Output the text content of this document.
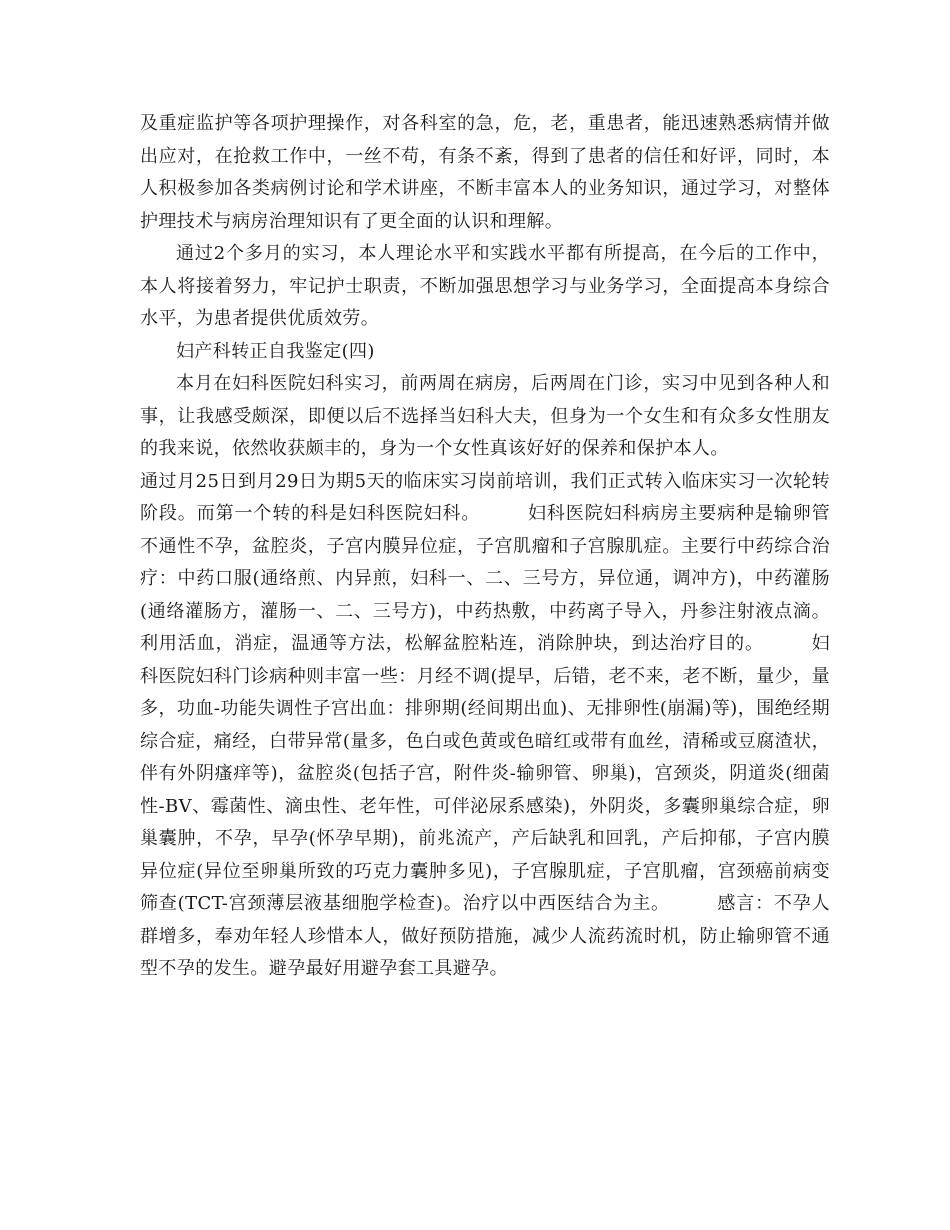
及重症监护等各项护理操作，对各科室的急，危，老，重患者，能迅速熟悉病情并做出应对，在抢救工作中，一丝不苟，有条不紊，得到了患者的信任和好评，同时，本人积极参加各类病例讨论和学术讲座，不断丰富本人的业务知识，通过学习，对整体护理技术与病房治理知识有了更全面的认识和理解。

通过2个多月的实习，本人理论水平和实践水平都有所提高，在今后的工作中，本人将接着努力，牢记护士职责，不断加强思想学习与业务学习，全面提高本身综合水平，为患者提供优质效劳。

妇产科转正自我鉴定(四)

本月在妇科医院妇科实习，前两周在病房，后两周在门诊，实习中见到各种人和事，让我感受颇深，即便以后不选择当妇科大夫，但身为一个女生和有众多女性朋友的我来说，依然收获颇丰的，身为一个女性真该好好的保养和保护本人。

通过月25日到月29日为期5天的临床实习岗前培训，我们正式转入临床实习一次轮转阶段。而第一个转的科是妇科医院妇科。　　　妇科医院妇科病房主要病种是输卵管不通性不孕，盆腔炎，子宫内膜异位症，子宫肌瘤和子宫腺肌症。主要行中药综合治疗：中药口服(通络煎、内异煎，妇科一、二、三号方，异位通，调冲方)，中药灌肠(通络灌肠方，灌肠一、二、三号方)，中药热敷，中药离子导入，丹参注射液点滴。利用活血，消症，温通等方法，松解盆腔粘连，消除肿块，到达治疗目的。　　　妇科医院妇科门诊病种则丰富一些：月经不调(提早，后错，老不来，老不断，量少，量多，功血-功能失调性子宫出血：排卵期(经间期出血)、无排卵性(崩漏)等)，围绝经期综合症，痛经，白带异常(量多，色白或色黄或色暗红或带有血丝，清稀或豆腐渣状，伴有外阴瘙痒等)，盆腔炎(包括子宫，附件炎-输卵管、卵巢)，宫颈炎，阴道炎(细菌性-BV、霉菌性、滴虫性、老年性，可伴泌尿系感染)，外阴炎，多囊卵巢综合症，卵巢囊肿，不孕，早孕(怀孕早期)，前兆流产，产后缺乳和回乳，产后抑郁，子宫内膜异位症(异位至卵巢所致的巧克力囊肿多见)，子宫腺肌症，子宫肌瘤，宫颈癌前病变筛查(TCT-宫颈薄层液基细胞学检查)。治疗以中西医结合为主。　　　感言：不孕人群增多，奉劝年轻人珍惜本人，做好预防措施，减少人流药流时机，防止输卵管不通型不孕的发生。避孕最好用避孕套工具避孕。
